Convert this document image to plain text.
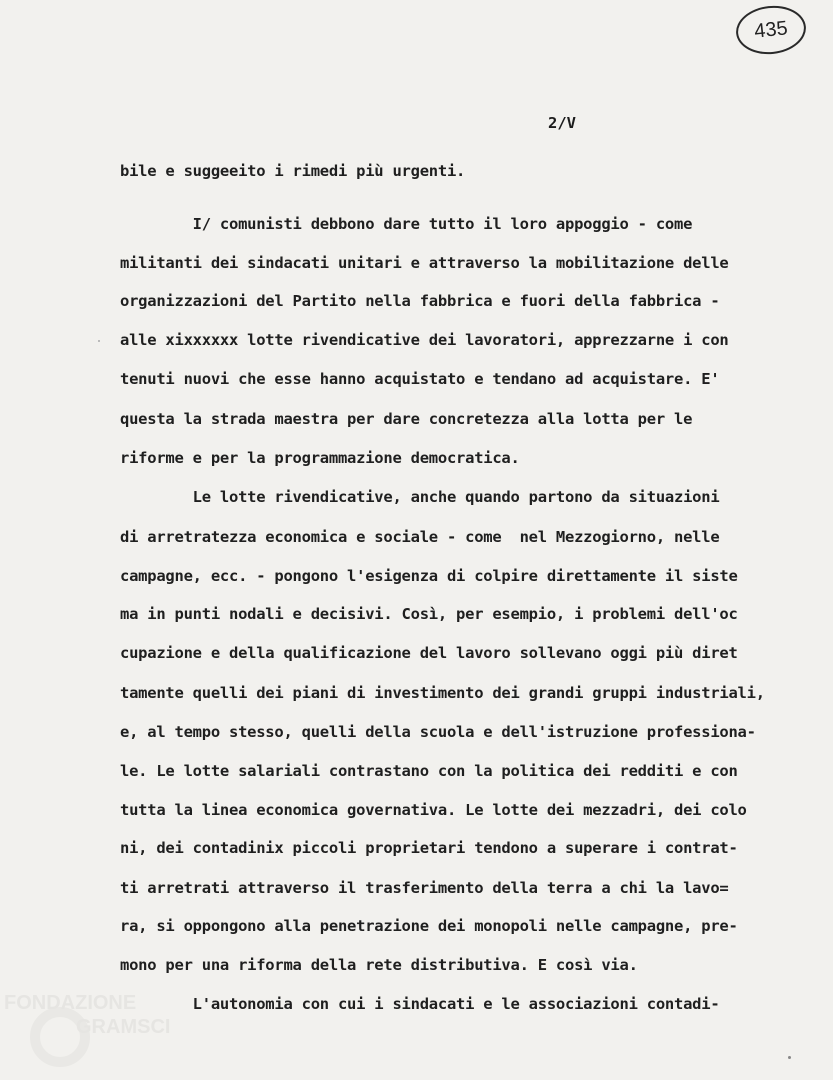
435
2/V
bile e suggeeito i rimedi più urgenti.
I/ comunisti debbono dare tutto il loro appoggio - come
militanti dei sindacati unitari e attraverso la mobilitazione delle
organizzazioni del Partito nella fabbrica e fuori della fabbrica -
alle xixxxxxx lotte rivendicative dei lavoratori, apprezzarne i con
tenuti nuovi che esse hanno acquistato e tendano ad acquistare. E'
questa la strada maestra per dare concretezza alla lotta per le
riforme e per la programmazione democratica.
Le lotte rivendicative, anche quando partono da situazioni
di arretratezza economica e sociale - come  nel Mezzogiorno, nelle
campagne, ecc. - pongono l'esigenza di colpire direttamente il siste
ma in punti nodali e decisivi. Così, per esempio, i problemi dell'oc
cupazione e della qualificazione del lavoro sollevano oggi più diret
tamente quelli dei piani di investimento dei grandi gruppi industriali,
e, al tempo stesso, quelli della scuola e dell'istruzione professiona-
le. Le lotte salariali contrastano con la politica dei redditi e con
tutta la linea economica governativa. Le lotte dei mezzadri, dei colo
ni, dei contadinix piccoli proprietari tendono a superare i contrat-
ti arretrati attraverso il trasferimento della terra a chi la lavo=
ra, si oppongono alla penetrazione dei monopoli nelle campagne, pre-
mono per una riforma della rete distributiva. E così via.
L'autonomia con cui i sindacati e le associazioni contadi-
FONDAZIONE
GRAMSCI
